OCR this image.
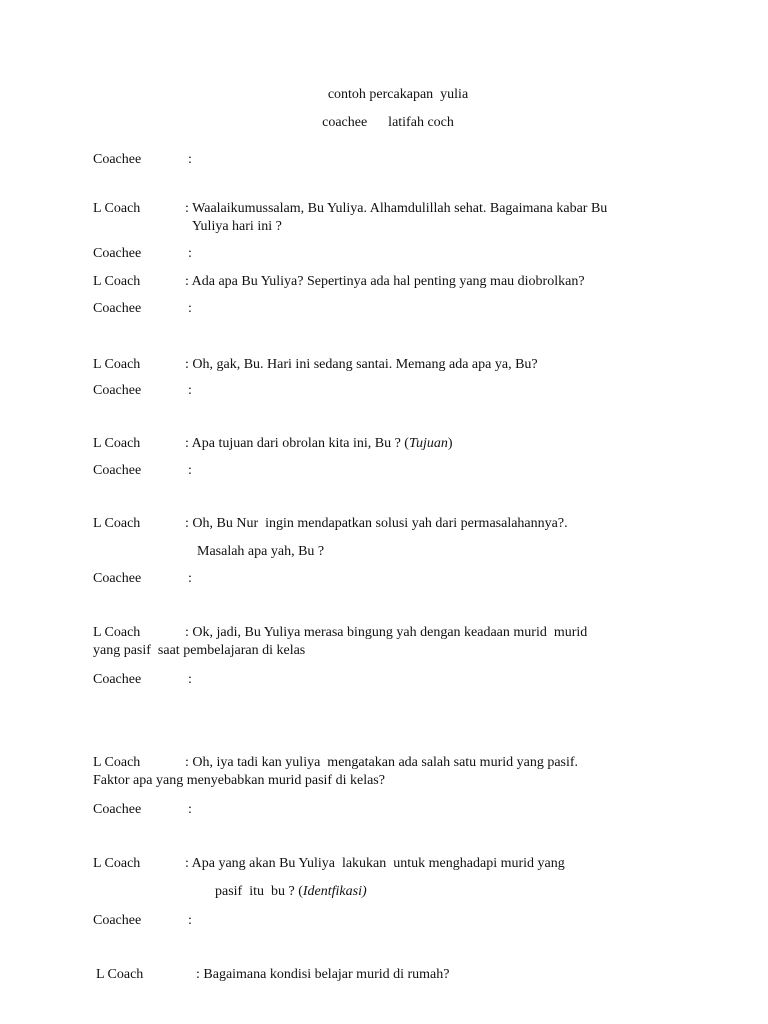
contoh percakapan  yulia
coachee      latifah coch
Coachee	:
L Coach	: Waalaikumussalam, Bu Yuliya. Alhamdulillah sehat. Bagaimana kabar Bu
Yuliya hari ini ?
Coachee	:
L Coach	: Ada apa Bu Yuliya? Sepertinya ada hal penting yang mau diobrolkan?
Coachee	:
L Coach	: Oh, gak, Bu. Hari ini sedang santai. Memang ada apa ya, Bu?
Coachee	:
L Coach	: Apa tujuan dari obrolan kita ini, Bu ? (Tujuan)
Coachee	:
L Coach	: Oh, Bu Nur  ingin mendapatkan solusi yah dari permasalahannya?.
Masalah apa yah, Bu ?
Coachee	:
L Coach	: Ok, jadi, Bu Yuliya merasa bingung yah dengan keadaan murid  murid
yang pasif  saat pembelajaran di kelas
Coachee	:
L Coach	: Oh, iya tadi kan yuliya  mengatakan ada salah satu murid yang pasif.
Faktor apa yang menyebabkan murid pasif di kelas?
Coachee	:
L Coach	: Apa yang akan Bu Yuliya  lakukan  untuk menghadapi murid yang
pasif  itu  bu ? (Identfikasi)
Coachee	:
L Coach	: Bagaimana kondisi belajar murid di rumah?
